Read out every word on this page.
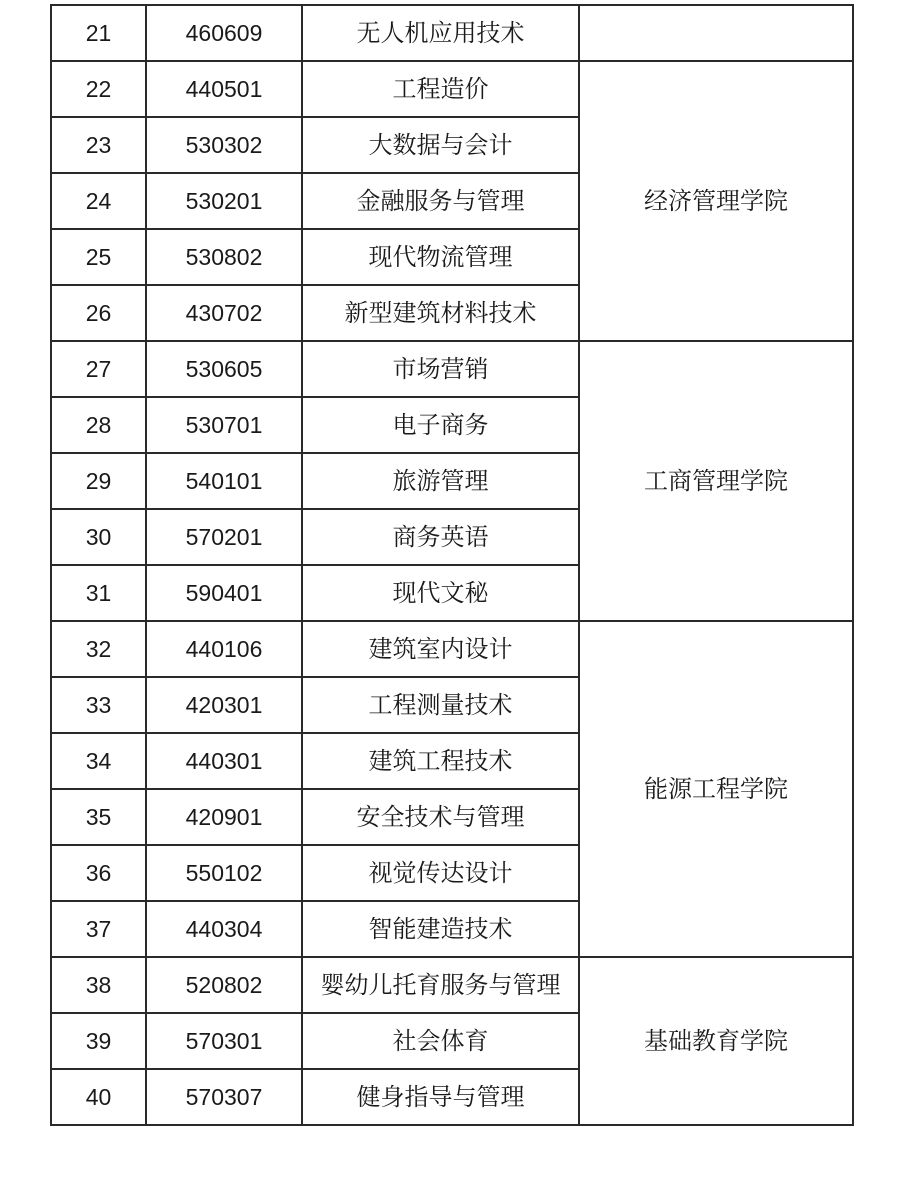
21	460609	无人机应用技术	
22	440501	工程造价	经济管理学院
23	530302	大数据与会计	
24	530201	金融服务与管理	
25	530802	现代物流管理	
26	430702	新型建筑材料技术	
27	530605	市场营销	工商管理学院
28	530701	电子商务	
29	540101	旅游管理	
30	570201	商务英语	
31	590401	现代文秘	
32	440106	建筑室内设计	能源工程学院
33	420301	工程测量技术	
34	440301	建筑工程技术	
35	420901	安全技术与管理	
36	550102	视觉传达设计	
37	440304	智能建造技术	
38	520802	婴幼儿托育服务与管理	基础教育学院
39	570301	社会体育	
40	570307	健身指导与管理	
